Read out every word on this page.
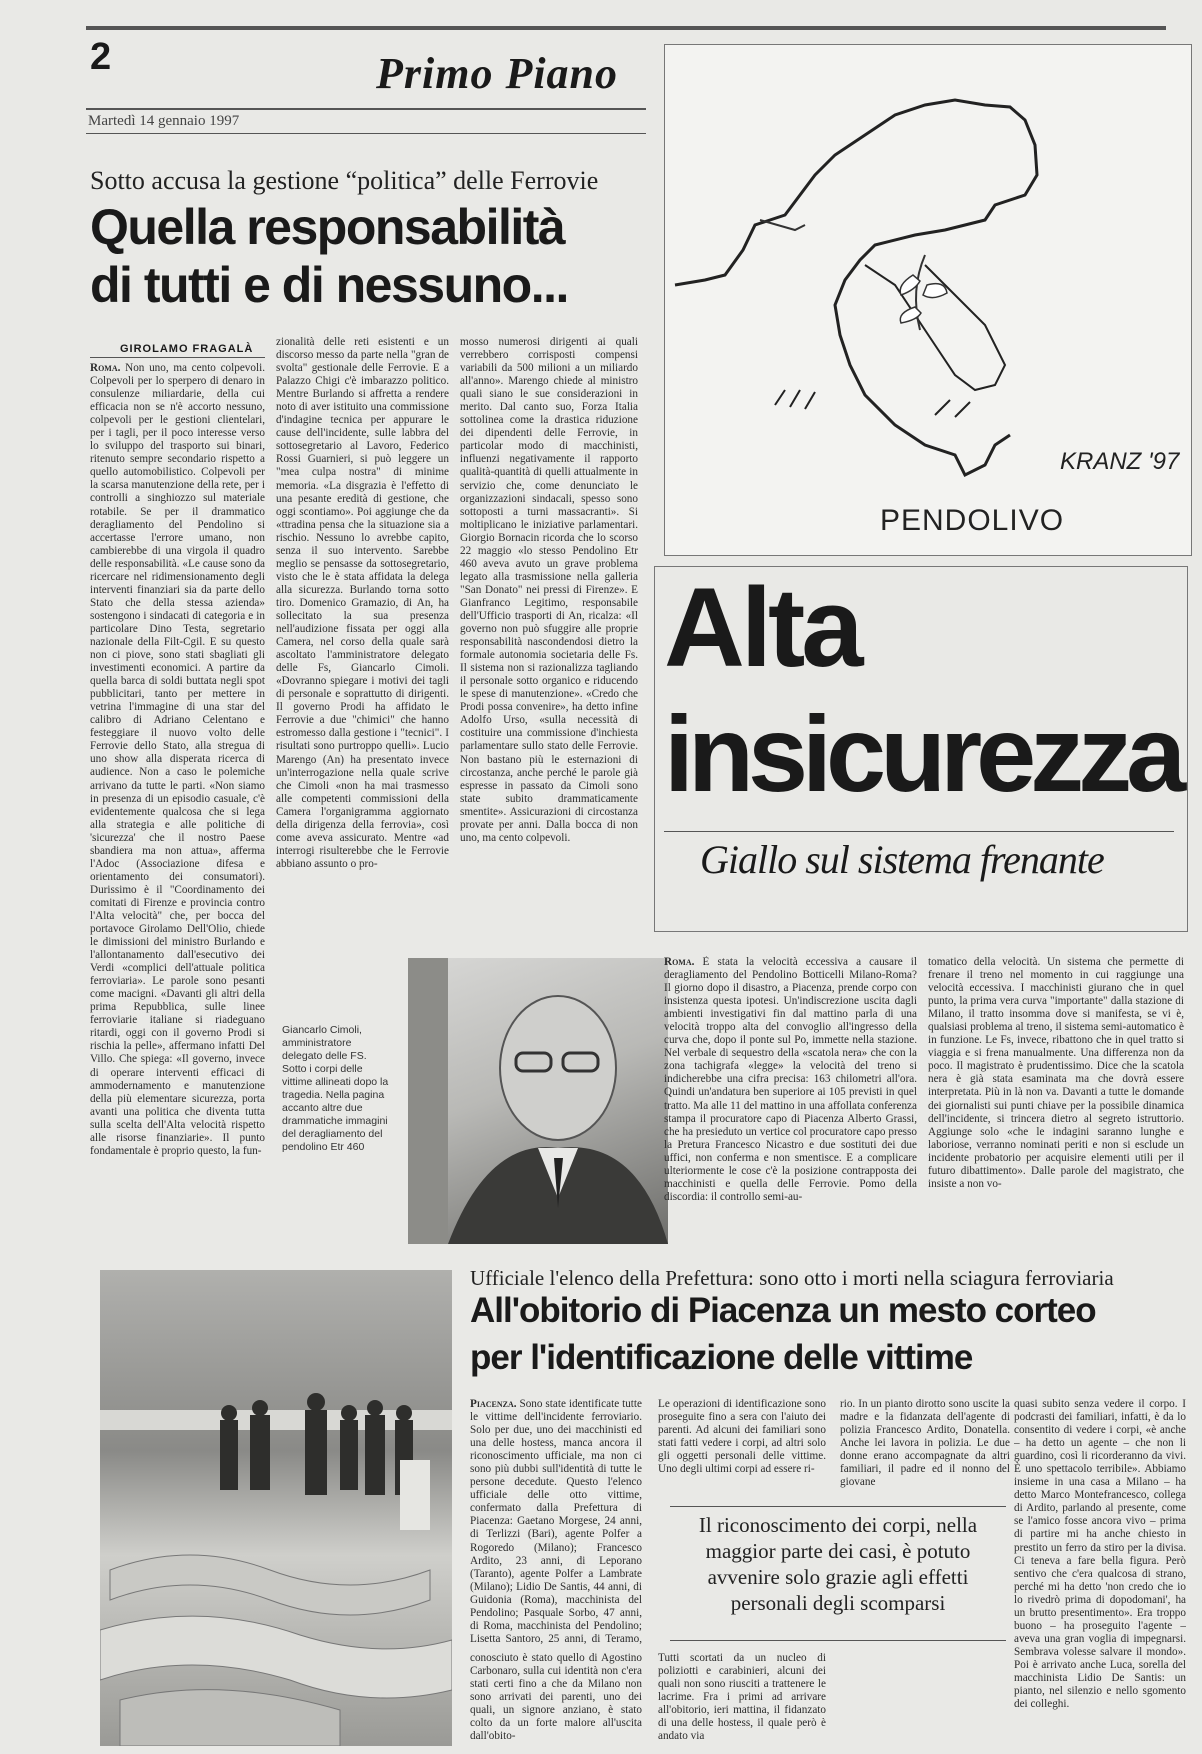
2	Primo Piano
Martedì 14 gennaio 1997
Sotto accusa la gestione “politica” delle Ferrovie
Quella responsabilità
di tutti e di nessuno...
GIROLAMO FRAGALÀ

Roma. Non uno, ma cento colpevoli. Colpevoli per lo sperpero di denaro in consulenze miliardarie, della cui efficacia non se n'è accorto nessuno, colpevoli per le gestioni clientelari, per i tagli, per il poco interesse verso lo sviluppo del trasporto sui binari, ritenuto sempre secondario rispetto a quello automobilistico. Colpevoli per la scarsa manutenzione della rete, per i controlli a singhiozzo sul materiale rotabile. Se per il drammatico deragliamento del Pendolino si accertasse l'errore umano, non cambierebbe di una virgola il quadro delle responsabilità. «Le cause sono da ricercare nel ridimensionamento degli interventi finanziari sia da parte dello Stato che della stessa azienda» sostengono i sindacati di categoria e in particolare Dino Testa, segretario nazionale della Filt-Cgil. E su questo non ci piove, sono stati sbagliati gli investimenti economici. A partire da quella barca di soldi buttata negli spot pubblicitari, tanto per mettere in vetrina l'immagine di una star del calibro di Adriano Celentano e festeggiare il nuovo volto delle Ferrovie dello Stato, alla stregua di uno show alla disperata ricerca di audience. Non a caso le polemiche arrivano da tutte le parti. «Non siamo in presenza di un episodio casuale, c'è evidentemente qualcosa che si lega alla strategia e alle politiche di 'sicurezza' che il nostro Paese sbandiera ma non attua», afferma l'Adoc (Associazione difesa e orientamento dei consumatori). Durissimo è il "Coordinamento dei comitati di Firenze e provincia contro l'Alta velocità" che, per bocca del portavoce Girolamo Dell'Olio, chiede le dimissioni del ministro Burlando e l'allontanamento dall'esecutivo dei Verdi «complici dell'attuale politica ferroviaria». Le parole sono pesanti come macigni. «Davanti gli altri della prima Repubblica, sulle linee ferroviarie italiane si riadeguano ritardi, oggi con il governo Prodi si rischia la pelle», affermano infatti Del Villo. Che spiega: «Il governo, invece di operare interventi efficaci di ammodernamento e manutenzione della più elementare sicurezza, porta avanti una politica che diventa tutta sulla scelta dell'Alta velocità rispetto alle risorse finanziarie». Il punto fondamentale è proprio questo, la fun-

zionalità delle reti esistenti e un discorso messo da parte nella "gran de svolta" gestionale delle Ferrovie. E a Palazzo Chigi c'è imbarazzo politico. Mentre Burlando si affretta a rendere noto di aver istituito una commissione d'indagine tecnica per appurare le cause dell'incidente, sulle labbra del sottosegretario al Lavoro, Federico Rossi Guarnieri, si può leggere un "mea culpa nostra" di minime memoria. «La disgrazia è l'effetto di una pesante eredità di gestione, che oggi scontiamo». Poi aggiunge che da «ttradina pensa che la situazione sia a rischio. Nessuno lo avrebbe capito, senza il suo intervento. Sarebbe meglio se pensasse da sottosegretario, visto che le è stata affidata la delega alla sicurezza. Burlando torna sotto tiro. Domenico Gramazio, di An, ha sollecitato la sua presenza nell'audizione fissata per oggi alla Camera, nel corso della quale sarà ascoltato l'amministratore delegato delle Fs, Giancarlo Cimoli. «Dovranno spiegare i motivi dei tagli di personale e soprattutto di dirigenti. Il governo Prodi ha affidato le Ferrovie a due "chimici" che hanno estromesso dalla gestione i "tecnici". I risultati sono purtroppo quelli». Lucio Marengo (An) ha presentato invece un'interrogazione nella quale scrive che Cimoli «non ha mai trasmesso alle competenti commissioni della Camera l'organigramma aggiornato della dirigenza della ferrovia», così come aveva assicurato. Mentre «ad interrogi risulterebbe che le Ferrovie abbiano assunto o pro-

mosso numerosi dirigenti ai quali verrebbero corrisposti compensi variabili da 500 milioni a un miliardo all'anno». Marengo chiede al ministro quali siano le sue considerazioni in merito. Dal canto suo, Forza Italia sottolinea come la drastica riduzione dei dipendenti delle Ferrovie, in particolar modo di macchinisti, influenzi negativamente il rapporto qualità-quantità di quelli attualmente in servizio che, come denunciato le organizzazioni sindacali, spesso sono sottoposti a turni massacranti». Si moltiplicano le iniziative parlamentari. Giorgio Bornacin ricorda che lo scorso 22 maggio «lo stesso Pendolino Etr 460 aveva avuto un grave problema legato alla trasmissione nella galleria "San Donato" nei pressi di Firenze». E Gianfranco Legitimo, responsabile dell'Ufficio trasporti di An, ricalza: «Il governo non può sfuggire alle proprie responsabilità nascondendosi dietro la formale autonomia societaria delle Fs. Il sistema non si razionalizza tagliando il personale sotto organico e riducendo le spese di manutenzione». «Credo che Prodi possa convenire», ha detto infine Adolfo Urso, «sulla necessità di costituire una commissione d'inchiesta parlamentare sullo stato delle Ferrovie. Non bastano più le esternazioni di circostanza, anche perché le parole già espresse in passato da Cimoli sono state subito drammaticamente smentite». Assicurazioni di circostanza provate per anni. Dalla bocca di non uno, ma cento colpevoli.

Giancarlo Cimoli, amministratore delegato delle FS. Sotto i corpi delle vittime allineati dopo la tragedia. Nella pagina accanto altre due drammatiche immagini del deragliamento del pendolino Etr 460
KRANZ '97
PENDOLIVO
Alta
insicurezza
Giallo sul sistema frenante

Roma. È stata la velocità eccessiva a causare il deragliamento del Pendolino Botticelli Milano-Roma? Il giorno dopo il disastro, a Piacenza, prende corpo con insistenza questa ipotesi. Un'indiscrezione uscita dagli ambienti investigativi fin dal mattino parla di una velocità troppo alta del convoglio all'ingresso della curva che, dopo il ponte sul Po, immette nella stazione. Nel verbale di sequestro della «scatola nera» che con la zona tachigrafa «legge» la velocità del treno si indicherebbe una cifra precisa: 163 chilometri all'ora. Quindi un'andatura ben superiore ai 105 previsti in quel tratto. Ma alle 11 del mattino in una affollata conferenza stampa il procuratore capo di Piacenza Alberto Grassi, che ha presieduto un vertice col procuratore capo presso la Pretura Francesco Nicastro e due sostituti dei due uffici, non conferma e non smentisce. E a complicare ulteriormente le cose c'è la posizione contrapposta dei macchinisti e quella delle Ferrovie. Pomo della discordia: il controllo semi-au-

tomatico della velocità. Un sistema che permette di frenare il treno nel momento in cui raggiunge una velocità eccessiva. I macchinisti giurano che in quel punto, la prima vera curva "importante" dalla stazione di Milano, il tratto insomma dove si manifesta, se vi è, qualsiasi problema al treno, il sistema semi-automatico è in funzione. Le Fs, invece, ribattono che in quel tratto si viaggia e si frena manualmente. Una differenza non da poco. Il magistrato è prudentissimo. Dice che la scatola nera è già stata esaminata ma che dovrà essere interpretata. Più in là non va. Davanti a tutte le domande dei giornalisti sui punti chiave per la possibile dinamica dell'incidente, si trincera dietro al segreto istruttorio. Aggiunge solo «che le indagini saranno lunghe e laboriose, verranno nominati periti e non si esclude un incidente probatorio per acquisire elementi utili per il futuro dibattimento». Dalle parole del magistrato, che insiste a non vo-

Ufficiale l'elenco della Prefettura: sono otto i morti nella sciagura ferroviaria
All'obitorio di Piacenza un mesto corteo
per l'identificazione delle vittime

Piacenza. Sono state identificate tutte le vittime dell'incidente ferroviario. Solo per due, uno dei macchinisti ed una delle hostess, manca ancora il riconoscimento ufficiale, ma non ci sono più dubbi sull'identità di tutte le persone decedute. Questo l'elenco ufficiale delle otto vittime, confermato dalla Prefettura di Piacenza: Gaetano Morgese, 24 anni, di Terlizzi (Bari), agente Polfer a Rogoredo (Milano); Francesco Ardito, 23 anni, di Leporano (Taranto), agente Polfer a Lambrate (Milano); Lidio De Santis, 44 anni, di Guidonia (Roma), macchinista del Pendolino; Pasquale Sorbo, 47 anni, di Roma, macchinista del Pendolino; Lisetta Santoro, 25 anni, di Teramo,

conosciuto è stato quello di Agostino Carbonaro, sulla cui identità non c'era stati certi fino a che da Milano non sono arrivati dei parenti, uno dei quali, un signore anziano, è stato colto da un forte malore all'uscita dall'obito-

Le operazioni di identificazione sono proseguite fino a sera con l'aiuto dei parenti. Ad alcuni dei familiari sono stati fatti vedere i corpi, ad altri solo gli oggetti personali delle vittime. Uno degli ultimi corpi ad essere ri-

rio. In un pianto dirotto sono uscite la madre e la fidanzata dell'agente di polizia Francesco Ardito, Donatella. Anche lei lavora in polizia. Le due donne erano accompagnate da altri familiari, il padre ed il nonno del giovane

Il riconoscimento dei corpi, nella maggior parte dei casi, è potuto avvenire solo grazie agli effetti personali degli scomparsi

Tutti scortati da un nucleo di poliziotti e carabinieri, alcuni dei quali non sono riusciti a trattenere le lacrime. Fra i primi ad arrivare all'obitorio, ieri mattina, il fidanzato di una delle hostess, il quale però è andato via

quasi subito senza vedere il corpo. I podcrasti dei familiari, infatti, è da lo consentito di vedere i corpi, «è anche – ha detto un agente – che non li guardino, così li ricorderanno da vivi. È uno spettacolo terribile». Abbiamo insieme in una casa a Milano – ha detto Marco Montefrancesco, collega di Ardito, parlando al presente, come se l'amico fosse ancora vivo – prima di partire mi ha anche chiesto in prestito un ferro da stiro per la divisa. Ci teneva a fare bella figura. Però sentivo che c'era qualcosa di strano, perché mi ha detto 'non credo che io lo rivedrò prima di dopodomani', ha un brutto presentimento». Era troppo buono – ha proseguito l'agente – aveva una gran voglia di impegnarsi. Sembrava volesse salvare il mondo». Poi è arrivato anche Luca, sorella del macchinista Lidio De Santis: un pianto, nel silenzio e nello sgomento dei colleghi.
